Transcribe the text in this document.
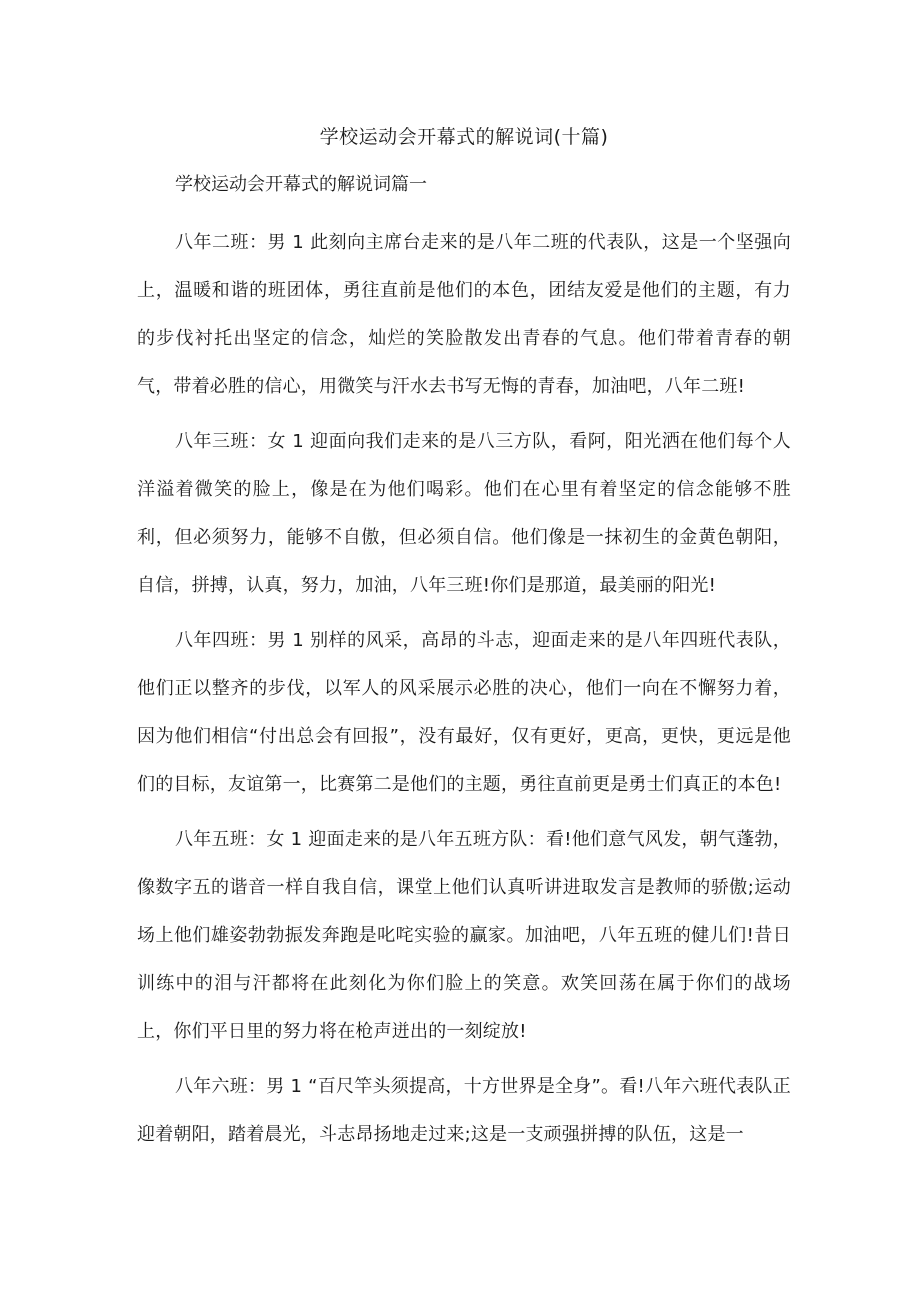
学校运动会开幕式的解说词(十篇)

学校运动会开幕式的解说词篇一

八年二班：男 1 此刻向主席台走来的是八年二班的代表队，这是一个坚强向上，温暖和谐的班团体，勇往直前是他们的本色，团结友爱是他们的主题，有力的步伐衬托出坚定的信念，灿烂的笑脸散发出青春的气息。他们带着青春的朝气，带着必胜的信心，用微笑与汗水去书写无悔的青春，加油吧，八年二班!

八年三班：女 1 迎面向我们走来的是八三方队，看阿，阳光洒在他们每个人洋溢着微笑的脸上，像是在为他们喝彩。他们在心里有着坚定的信念能够不胜利，但必须努力，能够不自傲，但必须自信。他们像是一抹初生的金黄色朝阳，自信，拼搏，认真，努力，加油，八年三班!你们是那道，最美丽的阳光!

八年四班：男 1 别样的风采，高昂的斗志，迎面走来的是八年四班代表队，他们正以整齐的步伐，以军人的风采展示必胜的决心，他们一向在不懈努力着，因为他们相信“付出总会有回报”，没有最好，仅有更好，更高，更快，更远是他们的目标，友谊第一，比赛第二是他们的主题，勇往直前更是勇士们真正的本色!

八年五班：女 1 迎面走来的是八年五班方队：看!他们意气风发，朝气蓬勃，像数字五的谐音一样自我自信，课堂上他们认真听讲进取发言是教师的骄傲;运动场上他们雄姿勃勃振发奔跑是叱咤实验的赢家。加油吧，八年五班的健儿们!昔日训练中的泪与汗都将在此刻化为你们脸上的笑意。欢笑回荡在属于你们的战场上，你们平日里的努力将在枪声迸出的一刻绽放!

八年六班：男 1 “百尺竿头须提高，十方世界是全身”。看!八年六班代表队正迎着朝阳，踏着晨光，斗志昂扬地走过来;这是一支顽强拼搏的队伍，这是一
